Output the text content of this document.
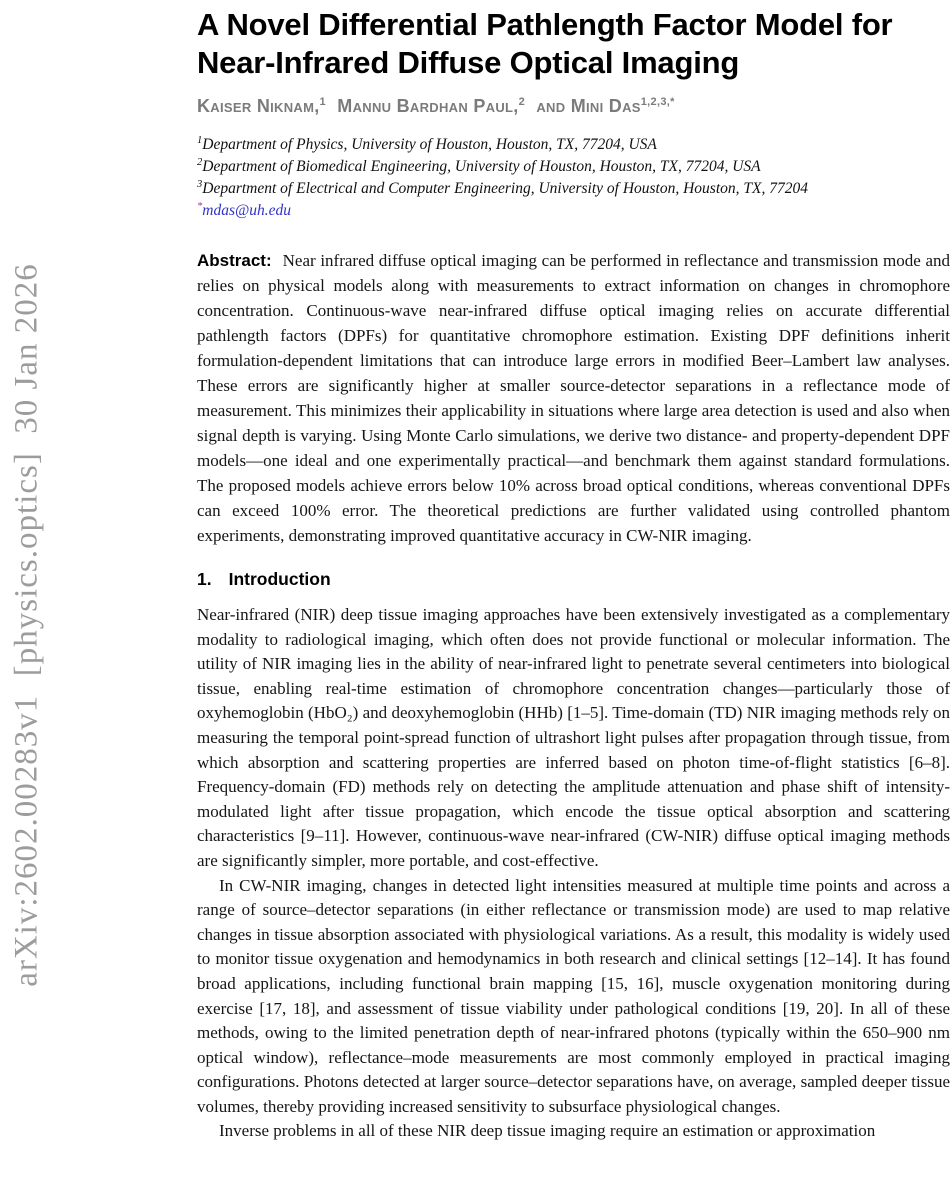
arXiv:2602.00283v1  [physics.optics]  30 Jan 2026
A Novel Differential Pathlength Factor Model for
Near-Infrared Diffuse Optical Imaging
Kaiser Niknam,$^1$ Mannu Bardhan Paul,$^2$ and Mini Das$^{1,2,3,*}$
$^1$Department of Physics, University of Houston, Houston, TX, 77204, USA
$^2$Department of Biomedical Engineering, University of Houston, Houston, TX, 77204, USA
$^3$Department of Electrical and Computer Engineering, University of Houston, Houston, TX, 77204
*mdas@uh.edu

Abstract: Near infrared diffuse optical imaging can be performed in reflectance and transmission mode and relies on physical models along with measurements to extract information on changes in chromophore concentration. Continuous-wave near-infrared diffuse optical imaging relies on accurate differential pathlength factors (DPFs) for quantitative chromophore estimation. Existing DPF definitions inherit formulation-dependent limitations that can introduce large errors in modified Beer–Lambert law analyses. These errors are significantly higher at smaller source-detector separations in a reflectance mode of measurement. This minimizes their applicability in situations where large area detection is used and also when signal depth is varying. Using Monte Carlo simulations, we derive two distance- and property-dependent DPF models—one ideal and one experimentally practical—and benchmark them against standard formulations. The proposed models achieve errors below 10% across broad optical conditions, whereas conventional DPFs can exceed 100% error. The theoretical predictions are further validated using controlled phantom experiments, demonstrating improved quantitative accuracy in CW-NIR imaging.

1. Introduction

Near-infrared (NIR) deep tissue imaging approaches have been extensively investigated as a complementary modality to radiological imaging, which often does not provide functional or molecular information. The utility of NIR imaging lies in the ability of near-infrared light to penetrate several centimeters into biological tissue, enabling real-time estimation of chromophore concentration changes—particularly those of oxyhemoglobin (HbO₂) and deoxyhemoglobin (HHb) [1–5]. Time-domain (TD) NIR imaging methods rely on measuring the temporal point-spread function of ultrashort light pulses after propagation through tissue, from which absorption and scattering properties are inferred based on photon time-of-flight statistics [6–8]. Frequency-domain (FD) methods rely on detecting the amplitude attenuation and phase shift of intensity-modulated light after tissue propagation, which encode the tissue optical absorption and scattering characteristics [9–11]. However, continuous-wave near-infrared (CW-NIR) diffuse optical imaging methods are significantly simpler, more portable, and cost-effective.

In CW-NIR imaging, changes in detected light intensities measured at multiple time points and across a range of source–detector separations (in either reflectance or transmission mode) are used to map relative changes in tissue absorption associated with physiological variations. As a result, this modality is widely used to monitor tissue oxygenation and hemodynamics in both research and clinical settings [12–14]. It has found broad applications, including functional brain mapping [15, 16], muscle oxygenation monitoring during exercise [17, 18], and assessment of tissue viability under pathological conditions [19, 20]. In all of these methods, owing to the limited penetration depth of near-infrared photons (typically within the 650–900 nm optical window), reflectance–mode measurements are most commonly employed in practical imaging configurations. Photons detected at larger source–detector separations have, on average, sampled deeper tissue volumes, thereby providing increased sensitivity to subsurface physiological changes.

Inverse problems in all of these NIR deep tissue imaging require an estimation or approximation
